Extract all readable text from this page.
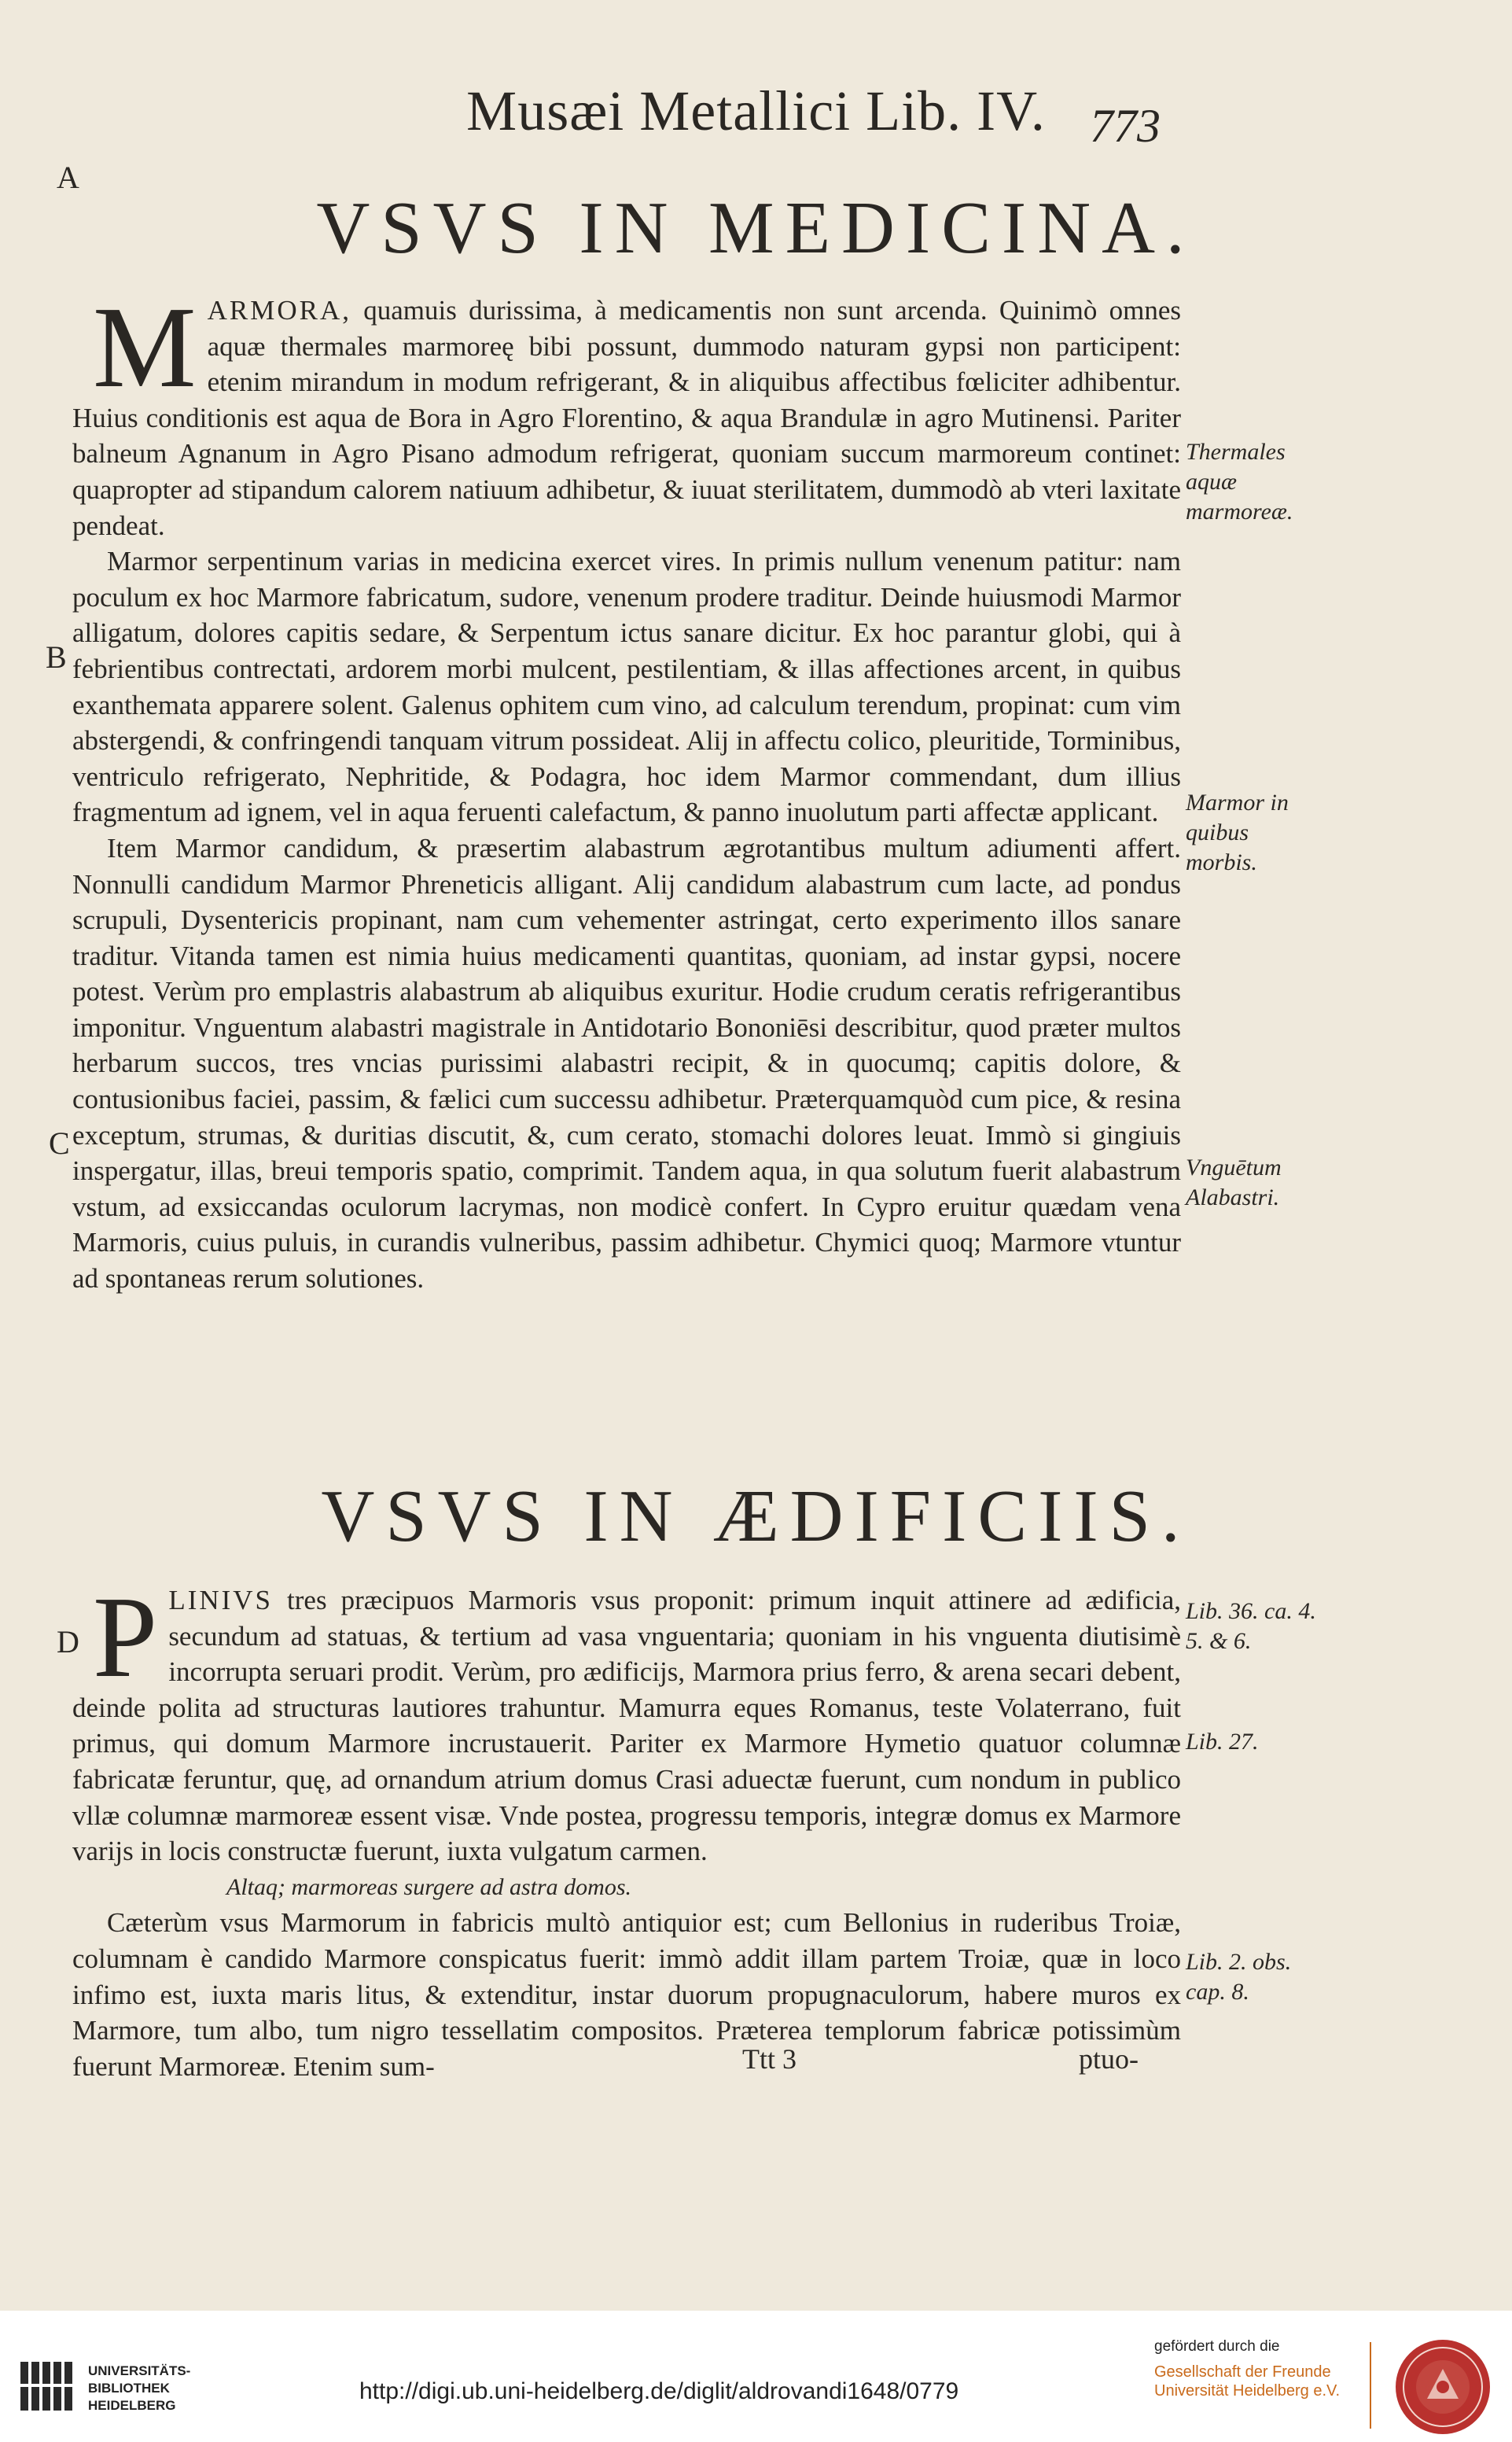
Musæi Metallici Lib. IV. 773
A
B
C
D
VSVS IN MEDICINA.

MARMORA, quamuis durissima, à medicamentis non sunt arcenda. Quinimò omnes aquæ thermales marmoreę bibi possunt, dummodo naturam gypsi non participent: etenim mirandum in modum refrigerant, & in aliquibus affectibus fœliciter adhibentur. Huius conditionis est aqua de Bora in Agro Florentino, & aqua Brandulæ in agro Mutinensi. Pariter balneum Agnanum in Agro Pisano admodum refrigerat, quoniam succum marmoreum continet: quapropter ad stipandum calorem natiuum adhibetur, & iuuat sterilitatem, dummodò ab vteri laxitate pendeat.

Marmor serpentinum varias in medicina exercet vires. In primis nullum venenum patitur: nam poculum ex hoc Marmore fabricatum, sudore, venenum prodere traditur. Deinde huiusmodi Marmor alligatum, dolores capitis sedare, & Serpentum ictus sanare dicitur. Ex hoc parantur globi, qui à febrientibus contrectati, ardorem morbi mulcent, pestilentiam, & illas affectiones arcent, in quibus exanthemata apparere solent. Galenus ophitem cum vino, ad calculum terendum, propinat: cum vim abstergendi, & confringendi tanquam vitrum possideat. Alij in affectu colico, pleuritide, Torminibus, ventriculo refrigerato, Nephritide, & Podagra, hoc idem Marmor commendant, dum illius fragmentum ad ignem, vel in aqua feruenti calefactum, & panno inuolutum parti affectæ applicant.

Item Marmor candidum, & præsertim alabastrum ægrotantibus multum adiumenti affert. Nonnulli candidum Marmor Phreneticis alligant. Alij candidum alabastrum cum lacte, ad pondus scrupuli, Dysentericis propinant, nam cum vehementer astringat, certo experimento illos sanare traditur. Vitanda tamen est nimia huius medicamenti quantitas, quoniam, ad instar gypsi, nocere potest. Verùm pro emplastris alabastrum ab aliquibus exuritur. Hodie crudum ceratis refrigerantibus imponitur. Vnguentum alabastri magistrale in Antidotario Bononiēsi describitur, quod præter multos herbarum succos, tres vncias purissimi alabastri recipit, & in quocumq; capitis dolore, & contusionibus faciei, passim, & fælici cum successu adhibetur. Præterquamquòd cum pice, & resina exceptum, strumas, & duritias discutit, &, cum cerato, stomachi dolores leuat. Immò si gingiuis inspergatur, illas, breui temporis spatio, comprimit. Tandem aqua, in qua solutum fuerit alabastrum vstum, ad exsiccandas oculorum lacrymas, non modicè confert. In Cypro eruitur quædam vena Marmoris, cuius puluis, in curandis vulneribus, passim adhibetur. Chymici quoq; Marmore vtuntur ad spontaneas rerum solutiones.

Thermales aquæ marmoreæ.
Marmor in quibus morbis.
Vnguētum Alabastri.
VSVS IN ÆDIFICIIS.

PLINIVS tres præcipuos Marmoris vsus proponit: primum inquit attinere ad ædificia, secundum ad statuas, & tertium ad vasa vnguentaria; quoniam in his vnguenta diutisimè incorrupta seruari prodit. Verùm, pro ædificijs, Marmora prius ferro, & arena secari debent, deinde polita ad structuras lautiores trahuntur. Mamurra eques Romanus, teste Volaterrano, fuit primus, qui domum Marmore incrustauerit. Pariter ex Marmore Hymetio quatuor columnæ fabricatæ feruntur, quę, ad ornandum atrium domus Crasi aduectæ fuerunt, cum nondum in publico vllæ columnæ marmoreæ essent visæ. Vnde postea, progressu temporis, integræ domus ex Marmore varijs in locis constructæ fuerunt, iuxta vulgatum carmen.

Altaq; marmoreas surgere ad astra domos.

Cæterùm vsus Marmorum in fabricis multò antiquior est; cum Bellonius in ruderibus Troiæ, columnam è candido Marmore conspicatus fuerit: immò addit illam partem Troiæ, quæ in loco infimo est, iuxta maris litus, & extenditur, instar duorum propugnaculorum, habere muros ex Marmore, tum albo, tum nigro tessellatim compositos. Præterea templorum fabricæ potissimùm fuerunt Marmoreæ. Etenim sum-

Lib. 36. ca. 4. 5. & 6.
Lib. 27.
Lib. 2. obs. cap. 8.
Ttt 3	ptuo-
UNIVERSITÄTS-
BIBLIOTHEK
HEIDELBERG
http://digi.ub.uni-heidelberg.de/diglit/aldrovandi1648/0779
gefördert durch die
Gesellschaft der Freunde
Universität Heidelberg e.V.
